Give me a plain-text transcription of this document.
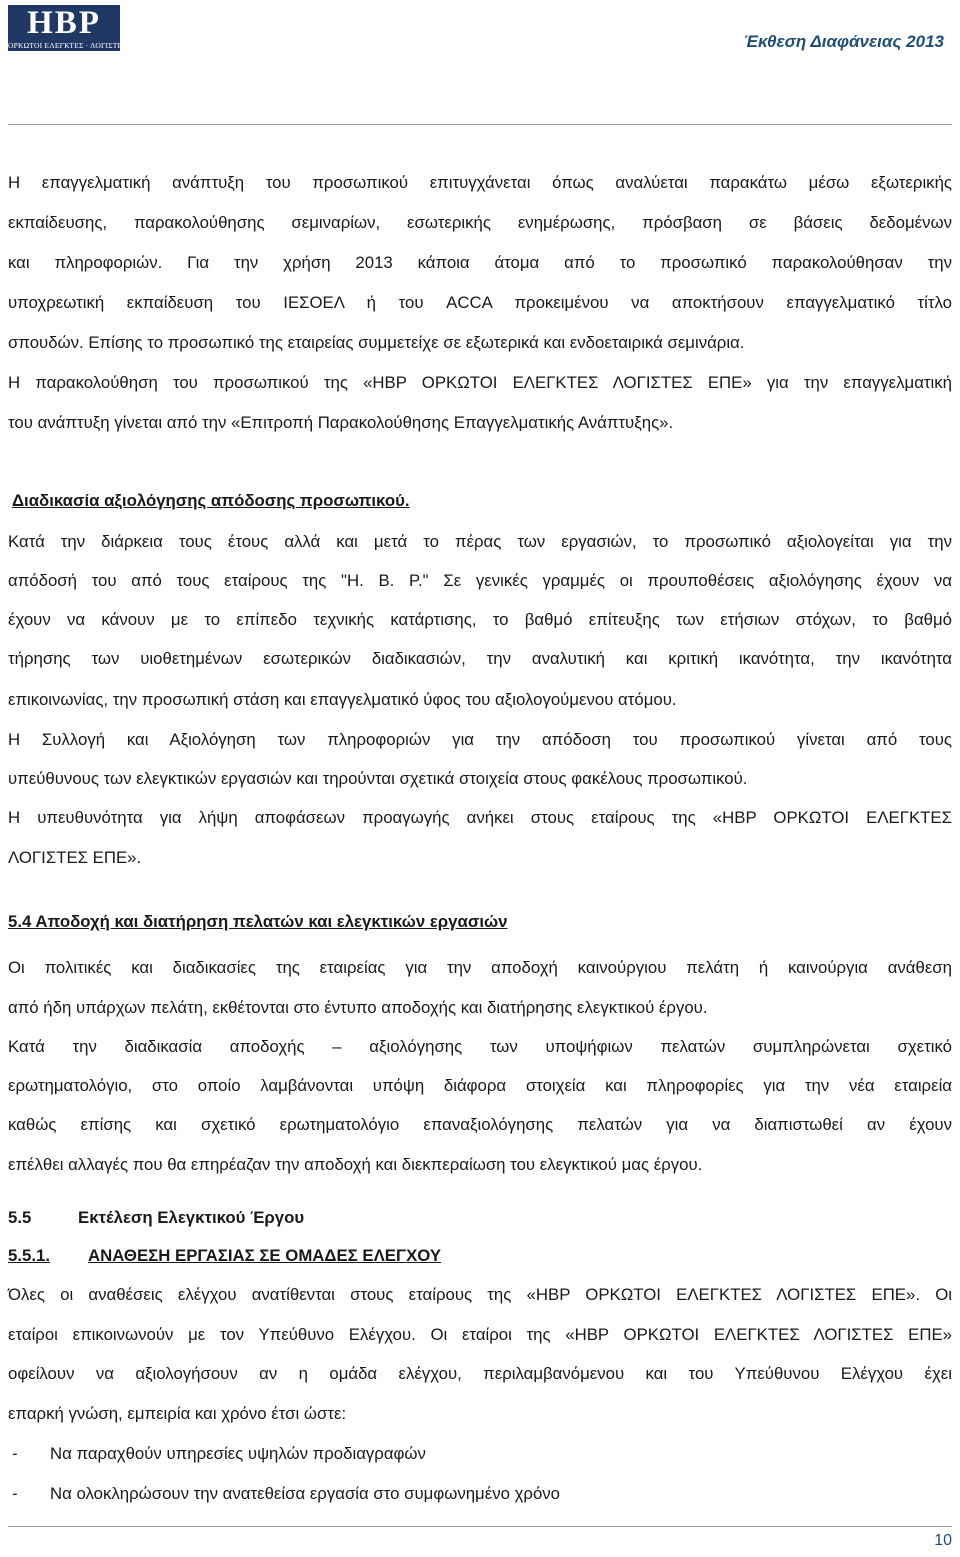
HBP
ΟΡΚΩΤΟΙ ΕΛΕΓΚΤΕΣ · ΛΟΓΙΣΤΕΣ	Έκθεση Διαφάνειας 2013

Η επαγγελματική ανάπτυξη του προσωπικού επιτυγχάνεται όπως αναλύεται παρακάτω μέσω εξωτερικής

εκπαίδευσης, παρακολούθησης σεμιναρίων, εσωτερικής ενημέρωσης, πρόσβαση σε βάσεις δεδομένων

και πληροφοριών. Για την χρήση 2013 κάποια άτομα από το προσωπικό παρακολούθησαν την

υποχρεωτική εκπαίδευση του ΙΕΣΟΕΛ ή του ACCA προκειμένου να αποκτήσουν επαγγελματικό τίτλο

σπουδών. Επίσης το προσωπικό της εταιρείας συμμετείχε σε εξωτερικά και ενδοεταιρικά σεμινάρια.

Η παρακολούθηση του προσωπικού της «HBP ΟΡΚΩΤΟΙ ΕΛΕΓΚΤΕΣ ΛΟΓΙΣΤΕΣ ΕΠΕ» για την επαγγελματική

του ανάπτυξη γίνεται από την «Επιτροπή Παρακολούθησης Επαγγελματικής Ανάπτυξης».

Διαδικασία αξιολόγησης απόδοσης προσωπικού.

Κατά την διάρκεια τους έτους αλλά και μετά το πέρας των εργασιών, το προσωπικό αξιολογείται για την

απόδοσή του από τους εταίρους της "Η. Β. Ρ." Σε γενικές γραμμές οι προυποθέσεις αξιολόγησης έχουν να

έχουν να κάνουν με το επίπεδο τεχνικής κατάρτισης, το βαθμό επίτευξης των ετήσιων στόχων, το βαθμό

τήρησης των υιοθετημένων εσωτερικών διαδικασιών, την αναλυτική και κριτική ικανότητα, την ικανότητα

επικοινωνίας, την προσωπική στάση και επαγγελματικό ύφος του αξιολογούμενου ατόμου.

Η Συλλογή και Αξιολόγηση των πληροφοριών για την απόδοση του προσωπικού γίνεται από τους

υπεύθυνους των ελεγκτικών εργασιών και τηρούνται σχετικά στοιχεία στους φακέλους προσωπικού.

Η υπευθυνότητα για λήψη αποφάσεων προαγωγής ανήκει στους εταίρους της «HBP ΟΡΚΩΤΟΙ ΕΛΕΓΚΤΕΣ

ΛΟΓΙΣΤΕΣ ΕΠΕ».

5.4 Αποδοχή και διατήρηση πελατών και ελεγκτικών εργασιών

Οι πολιτικές και διαδικασίες της εταιρείας για την αποδοχή καινούργιου πελάτη ή καινούργια ανάθεση

από ήδη υπάρχων πελάτη, εκθέτονται στο έντυπο αποδοχής και διατήρησης ελεγκτικού έργου.

Κατά την διαδικασία αποδοχής – αξιολόγησης των υποψήφιων πελατών συμπληρώνεται σχετικό

ερωτηματολόγιο, στο οποίο λαμβάνονται υπόψη διάφορα στοιχεία και πληροφορίες για την νέα εταιρεία

καθώς επίσης και σχετικό ερωτηματολόγιο επαναξιολόγησης πελατών για να διαπιστωθεί αν έχουν

επέλθει αλλαγές που θα επηρέαζαν την αποδοχή και διεκπεραίωση του ελεγκτικού μας έργου.

5.5	Εκτέλεση Ελεγκτικού Έργου

5.5.1. ΑΝΑΘΕΣΗ ΕΡΓΑΣΙΑΣ ΣΕ ΟΜΑΔΕΣ ΕΛΕΓΧΟΥ

Όλες οι αναθέσεις ελέγχου ανατίθενται στους εταίρους της «HBP ΟΡΚΩΤΟΙ ΕΛΕΓΚΤΕΣ ΛΟΓΙΣΤΕΣ ΕΠΕ». Οι

εταίροι επικοινωνούν με τον Υπεύθυνο Ελέγχου. Οι εταίροι της «HBP ΟΡΚΩΤΟΙ ΕΛΕΓΚΤΕΣ ΛΟΓΙΣΤΕΣ ΕΠΕ»

οφείλουν να αξιολογήσουν αν η ομάδα ελέγχου, περιλαμβανόμενου και του Υπεύθυνου Ελέγχου έχει

επαρκή γνώση, εμπειρία και χρόνο έτσι ώστε:

- Να παραχθούν υπηρεσίες υψηλών προδιαγραφών

- Να ολοκληρώσουν την ανατεθείσα εργασία στο συμφωνημένο χρόνο

10
